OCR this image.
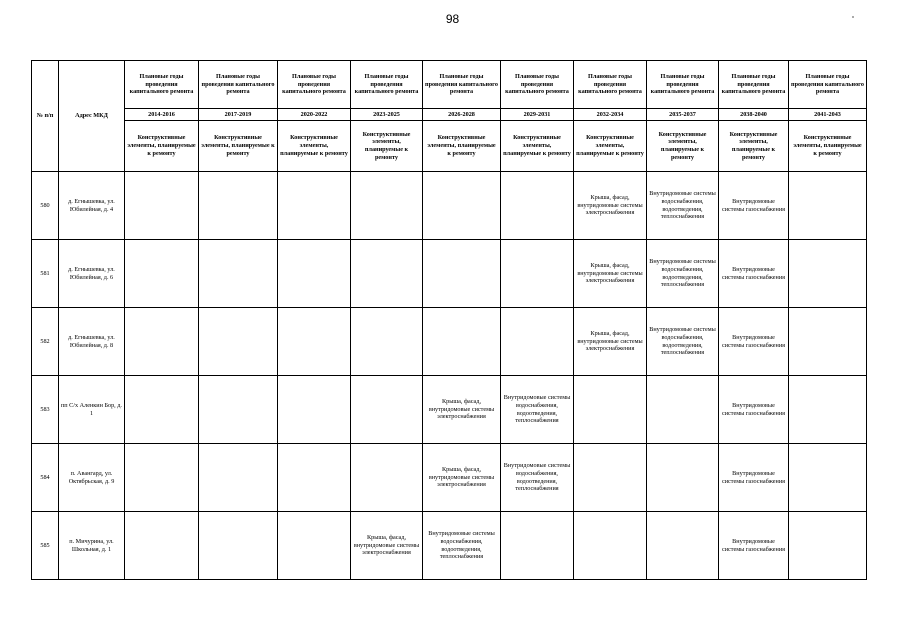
98
№ п/п	Адрес МКД	Плановые годы проведения капитального ремонта	Плановые годы проведения капитального ремонта	Плановые годы проведения капитального ремонта	Плановые годы проведения капитального ремонта	Плановые годы проведения капитального ремонта	Плановые годы проведения капитального ремонта	Плановые годы проведения капитального ремонта	Плановые годы проведения капитального ремонта	Плановые годы проведения капитального ремонта	Плановые годы проведения капитального ремонта
		2014-2016	2017-2019	2020-2022	2023-2025	2026-2028	2029-2031	2032-2034	2035-2037	2038-2040	2041-2043
		Конструктивные элементы, планируемые к ремонту	Конструктивные элементы, планируемые к ремонту	Конструктивные элементы, планируемые к ремонту	Конструктивные элементы, планируемые к ремонту	Конструктивные элементы, планируемые к ремонту	Конструктивные элементы, планируемые к ремонту	Конструктивные элементы, планируемые к ремонту	Конструктивные элементы, планируемые к ремонту	Конструктивные элементы, планируемые к ремонту	Конструктивные элементы, планируемые к ремонту
580	д. Егнышевка, ул. Юбилейная, д. 4							Крыша, фасад, внутридомовые системы электроснабжения	Внутридомовые системы водоснабжения, водоотведения, теплоснабжения	Внутридомовые системы газоснабжения	
581	д. Егнышевка, ул. Юбилейная, д. 6							Крыша, фасад, внутридомовые системы электроснабжения	Внутридомовые системы водоснабжения, водоотведения, теплоснабжения	Внутридомовые системы газоснабжения	
582	д. Егнышевка, ул. Юбилейная, д. 8							Крыша, фасад, внутридомовые системы электроснабжения	Внутридомовые системы водоснабжения, водоотведения, теплоснабжения	Внутридомовые системы газоснабжения	
583	пп С/х Аленкин Бор, д. 1					Крыша, фасад, внутридомовые системы электроснабжения	Внутридомовые системы водоснабжения, водоотведения, теплоснабжения			Внутридомовые системы газоснабжения	
584	п. Авангард, ул. Октябрьская, д. 9					Крыша, фасад, внутридомовые системы электроснабжения	Внутридомовые системы водоснабжения, водоотведения, теплоснабжения			Внутридомовые системы газоснабжения	
585	п. Мичурина, ул. Школьная, д. 1				Крыша, фасад, внутридомовые системы электроснабжения	Внутридомовые системы водоснабжения, водоотведения, теплоснабжения				Внутридомовые системы газоснабжения	
